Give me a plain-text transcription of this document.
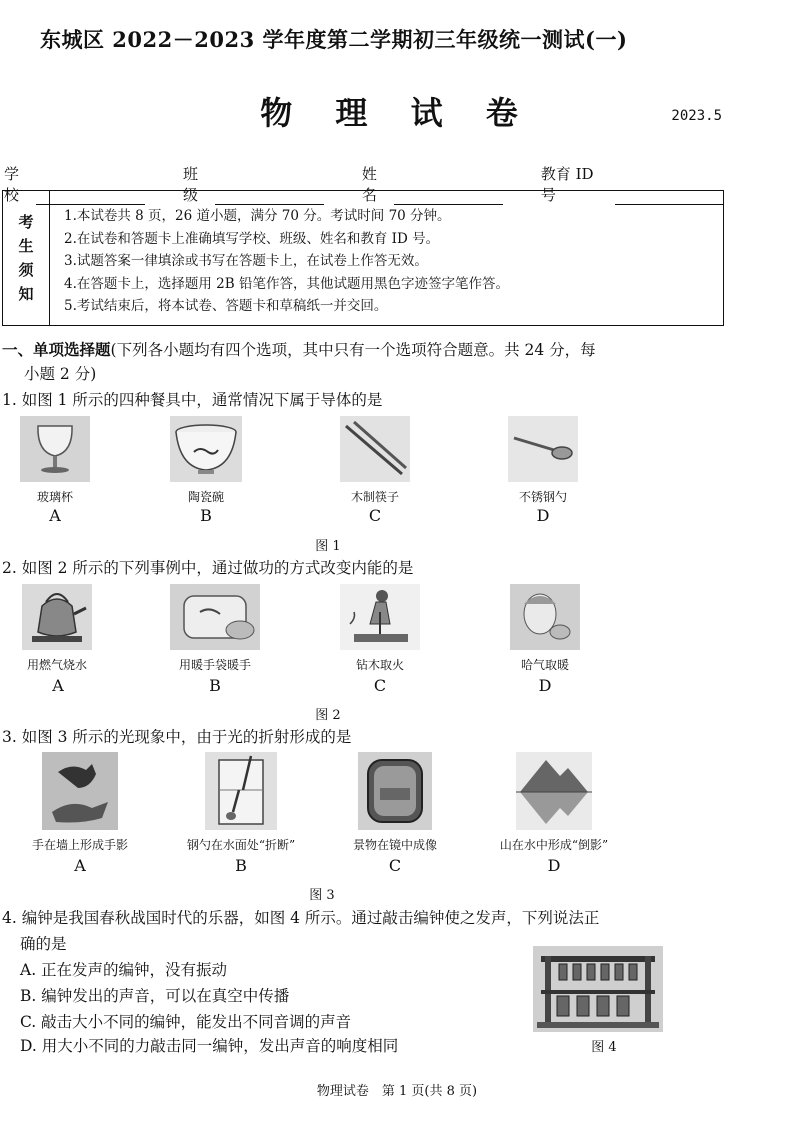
东城区 2022－2023 学年度第二学期初三年级统一测试(一)
物 理 试 卷	2023.5
学校
班级
姓名
教育 ID 号
考
生
须
知
1.本试卷共 8 页，26 道小题，满分 70 分。考试时间 70 分钟。
2.在试卷和答题卡上准确填写学校、班级、姓名和教育 ID 号。
3.试题答案一律填涂或书写在答题卡上，在试卷上作答无效。
4.在答题卡上，选择题用 2B 铅笔作答，其他试题用黑色字迹签字笔作答。
5.考试结束后，将本试卷、答题卡和草稿纸一并交回。
一、单项选择题(下列各小题均有四个选项，其中只有一个选项符合题意。共 24 分，每
小题 2 分)
1. 如图 1 所示的四种餐具中，通常情况下属于导体的是
玻璃杯	陶瓷碗	木制筷子	不锈钢勺
A	B	C	D
图 1
2. 如图 2 所示的下列事例中，通过做功的方式改变内能的是
用燃气烧水	用暖手袋暖手	钻木取火	哈气取暖
A	B	C	D
图 2
3. 如图 3 所示的光现象中，由于光的折射形成的是
手在墙上形成手影	钢勺在水面处“折断”	景物在镜中成像	山在水中形成“倒影”
A	B	C	D
图 3
4. 编钟是我国春秋战国时代的乐器，如图 4 所示。通过敲击编钟使之发声，下列说法正
确的是
A. 正在发声的编钟，没有振动
B. 编钟发出的声音，可以在真空中传播
C. 敲击大小不同的编钟，能发出不同音调的声音
D. 用大小不同的力敲击同一编钟，发出声音的响度相同	图 4
物理试卷　第 1 页(共 8 页)
